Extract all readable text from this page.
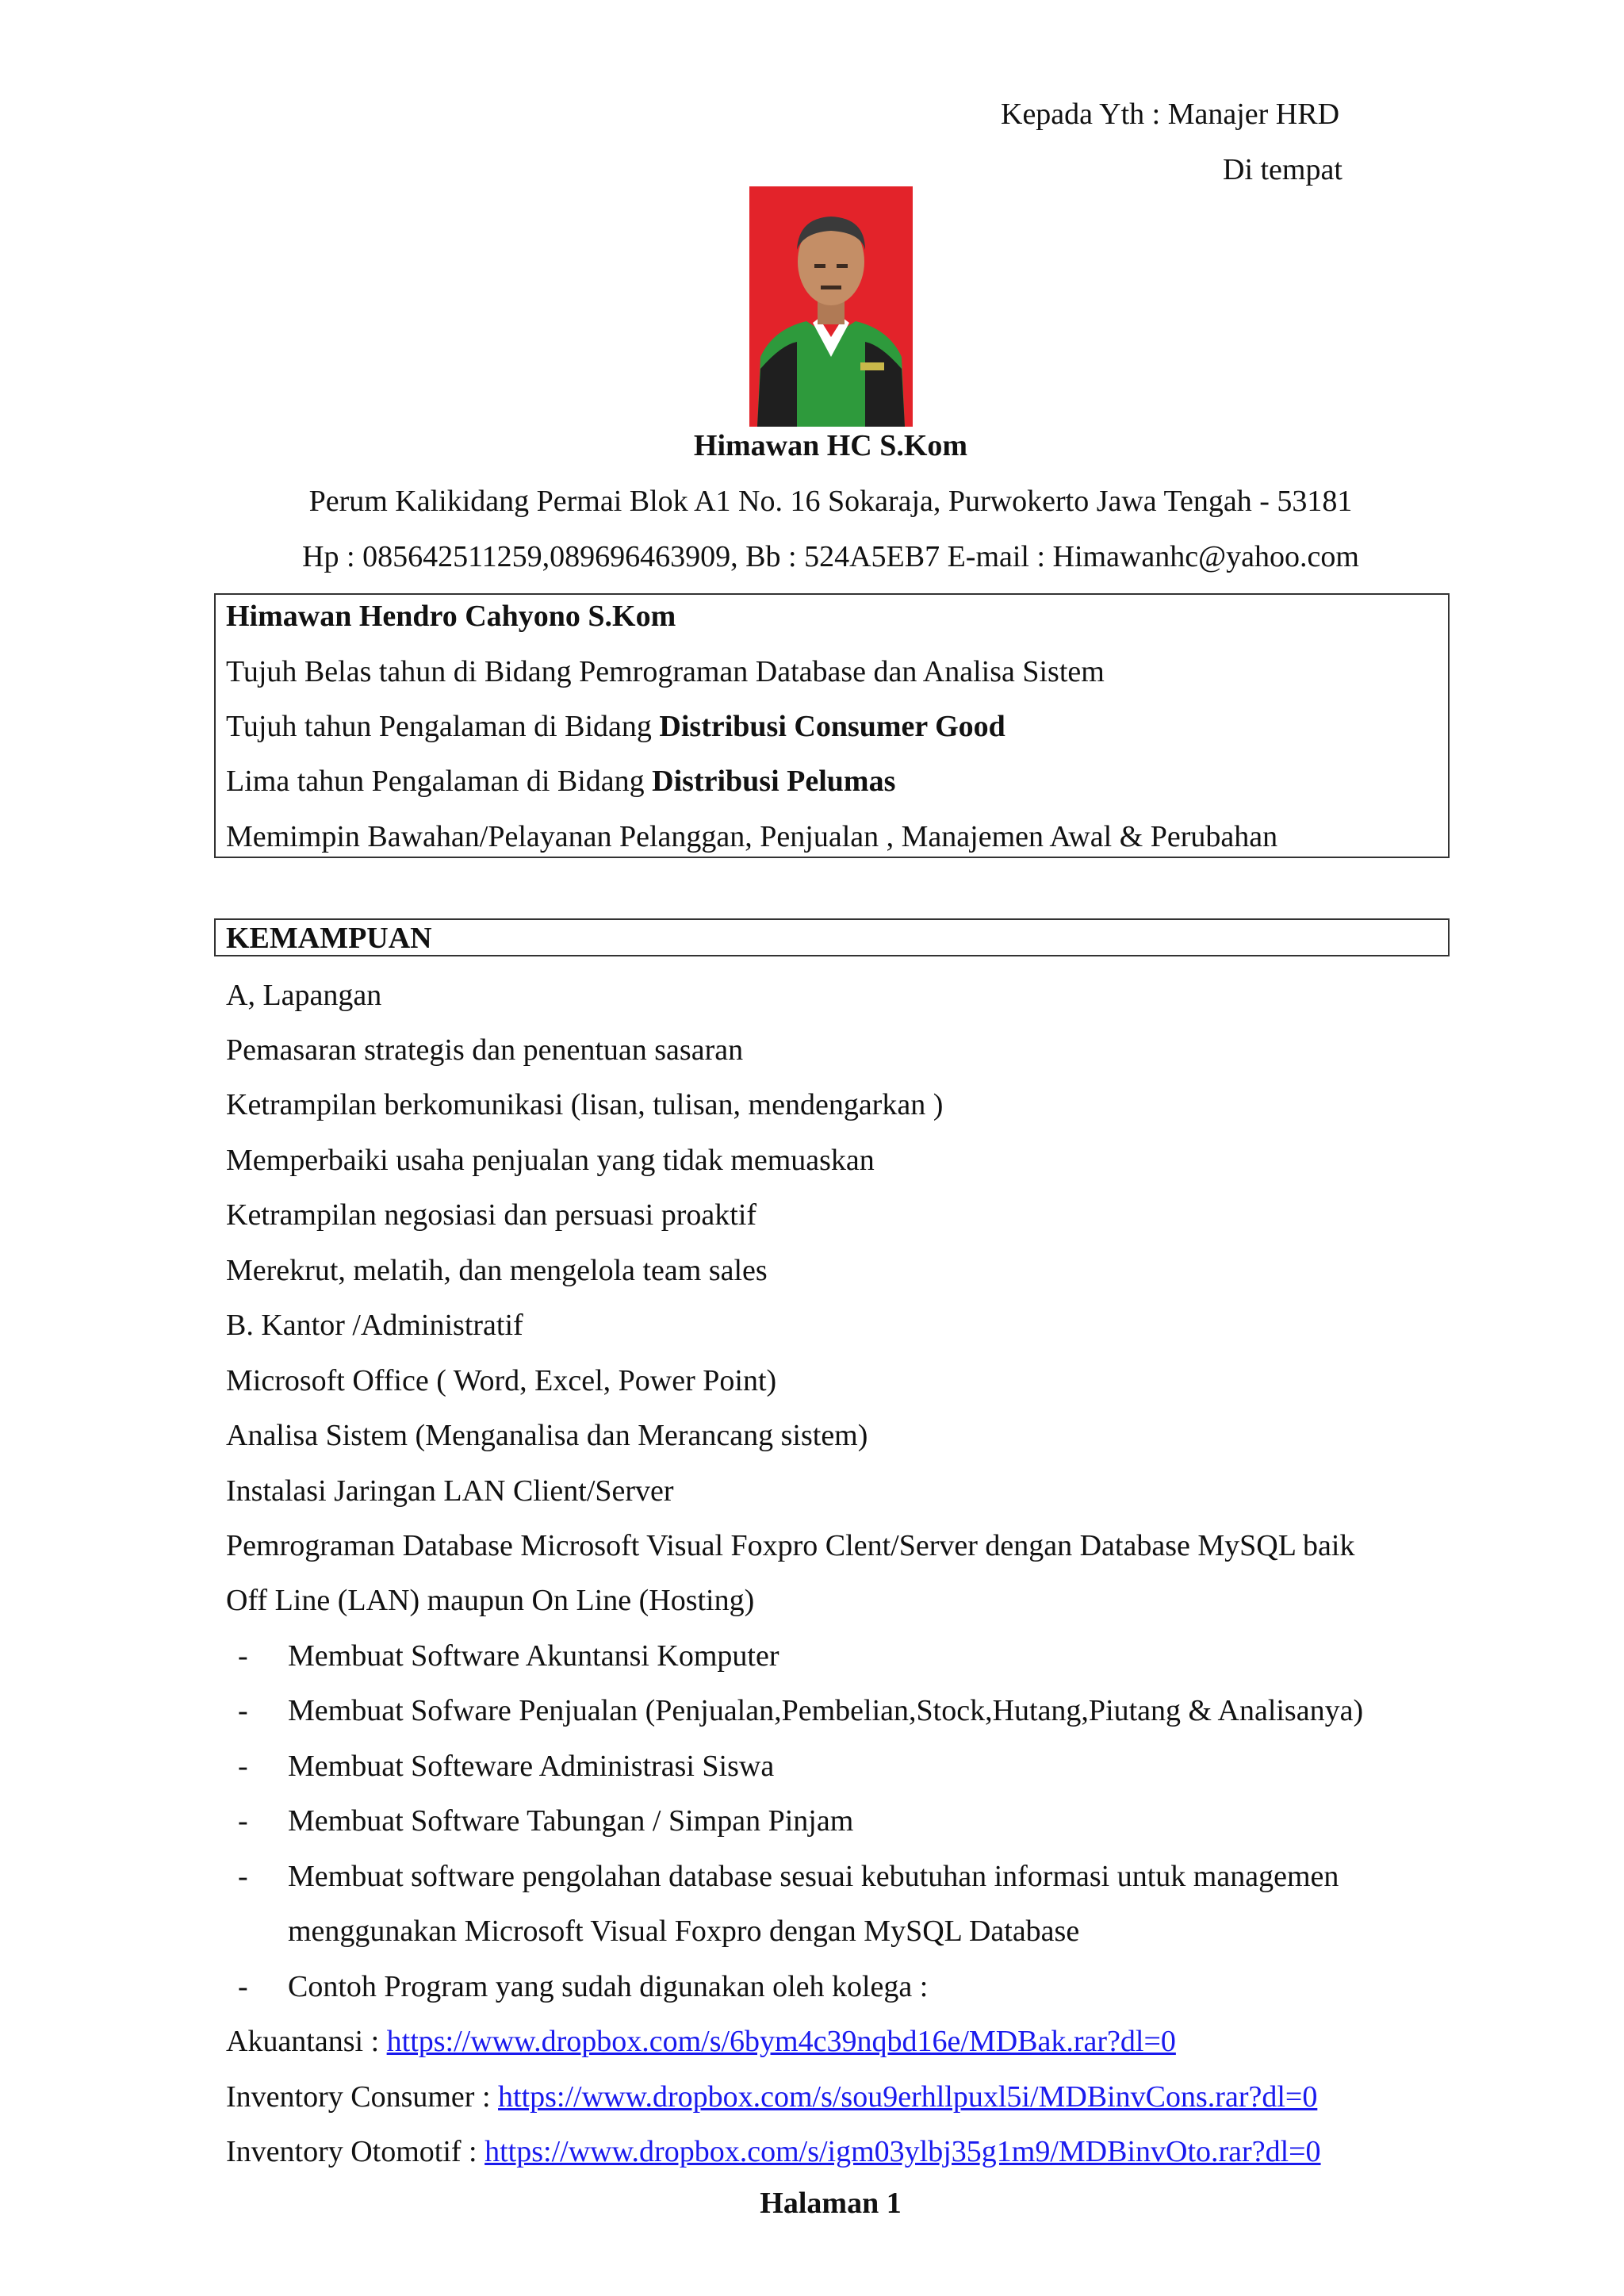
Kepada Yth : Manajer HRD
Di tempat
Himawan HC S.Kom
Perum Kalikidang Permai Blok A1 No. 16 Sokaraja, Purwokerto Jawa Tengah - 53181
Hp : 085642511259,089696463909, Bb : 524A5EB7 E-mail : Himawanhc@yahoo.com
Himawan Hendro Cahyono S.Kom
Tujuh Belas tahun di Bidang Pemrograman Database dan Analisa Sistem
Tujuh tahun Pengalaman di Bidang Distribusi Consumer Good
Lima tahun Pengalaman di Bidang Distribusi Pelumas
Memimpin Bawahan/Pelayanan Pelanggan, Penjualan , Manajemen Awal & Perubahan
KEMAMPUAN
A, Lapangan
Pemasaran strategis dan penentuan sasaran
Ketrampilan berkomunikasi (lisan, tulisan, mendengarkan )
Memperbaiki usaha penjualan yang tidak memuaskan
Ketrampilan negosiasi dan persuasi proaktif
Merekrut, melatih, dan mengelola team sales
B. Kantor /Administratif
Microsoft Office ( Word, Excel, Power Point)
Analisa Sistem (Menganalisa dan Merancang sistem)
Instalasi Jaringan LAN Client/Server
Pemrograman Database Microsoft Visual Foxpro Clent/Server dengan Database MySQL baik
Off Line (LAN) maupun On Line (Hosting)
- Membuat Software Akuntansi Komputer
- Membuat Sofware Penjualan (Penjualan,Pembelian,Stock,Hutang,Piutang & Analisanya)
- Membuat Softeware Administrasi Siswa
- Membuat Software Tabungan / Simpan Pinjam
- Membuat software pengolahan database sesuai kebutuhan informasi untuk managemen
menggunakan Microsoft Visual Foxpro dengan MySQL Database
- Contoh Program yang sudah digunakan oleh kolega :
Akuantansi : https://www.dropbox.com/s/6bym4c39nqbd16e/MDBak.rar?dl=0
Inventory Consumer : https://www.dropbox.com/s/sou9erhllpuxl5i/MDBinvCons.rar?dl=0
Inventory Otomotif : https://www.dropbox.com/s/igm03ylbj35g1m9/MDBinvOto.rar?dl=0
Halaman 1
